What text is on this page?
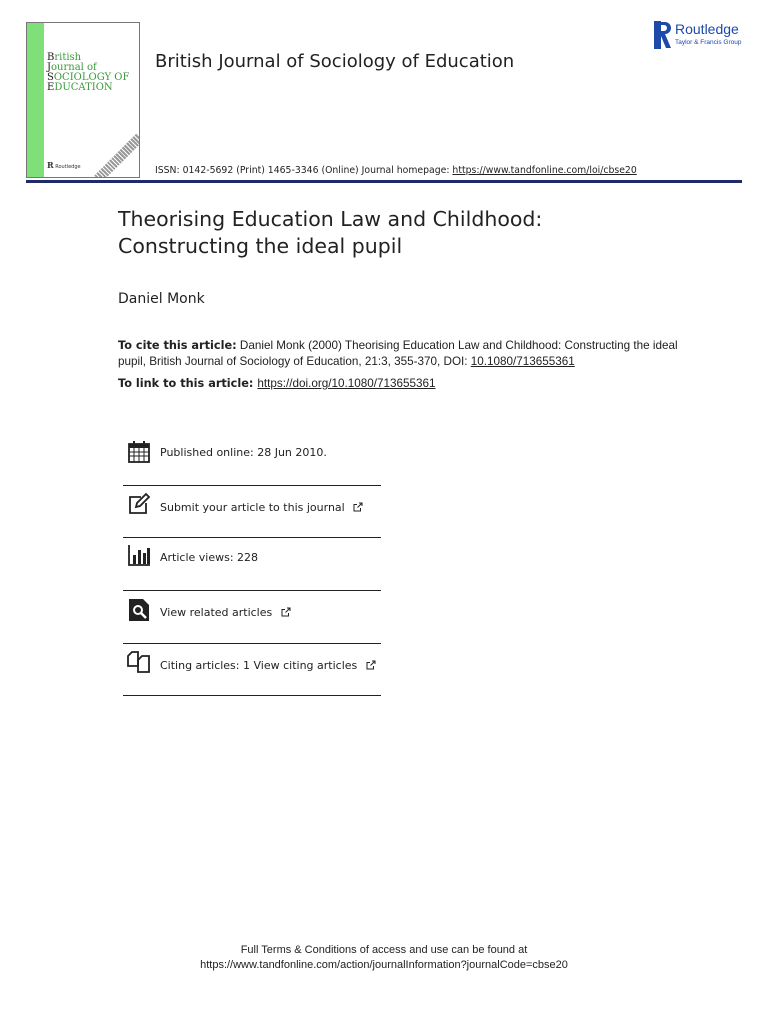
British
Journal of
SOCIOLOGY OF
EDUCATION
R Routledge
British Journal of Sociology of Education
ISSN: 0142-5692 (Print) 1465-3346 (Online) Journal homepage: https://www.tandfonline.com/loi/cbse20
Routledge
Taylor & Francis Group
Theorising Education Law and Childhood:
Constructing the ideal pupil
Daniel Monk
To cite this article: Daniel Monk (2000) Theorising Education Law and Childhood: Constructing the ideal pupil, British Journal of Sociology of Education, 21:3, 355-370, DOI: 10.1080/713655361
To link to this article: https://doi.org/10.1080/713655361
Published online: 28 Jun 2010.
Submit your article to this journal
Article views: 228
View related articles
Citing articles: 1 View citing articles
Full Terms & Conditions of access and use can be found at
https://www.tandfonline.com/action/journalInformation?journalCode=cbse20
